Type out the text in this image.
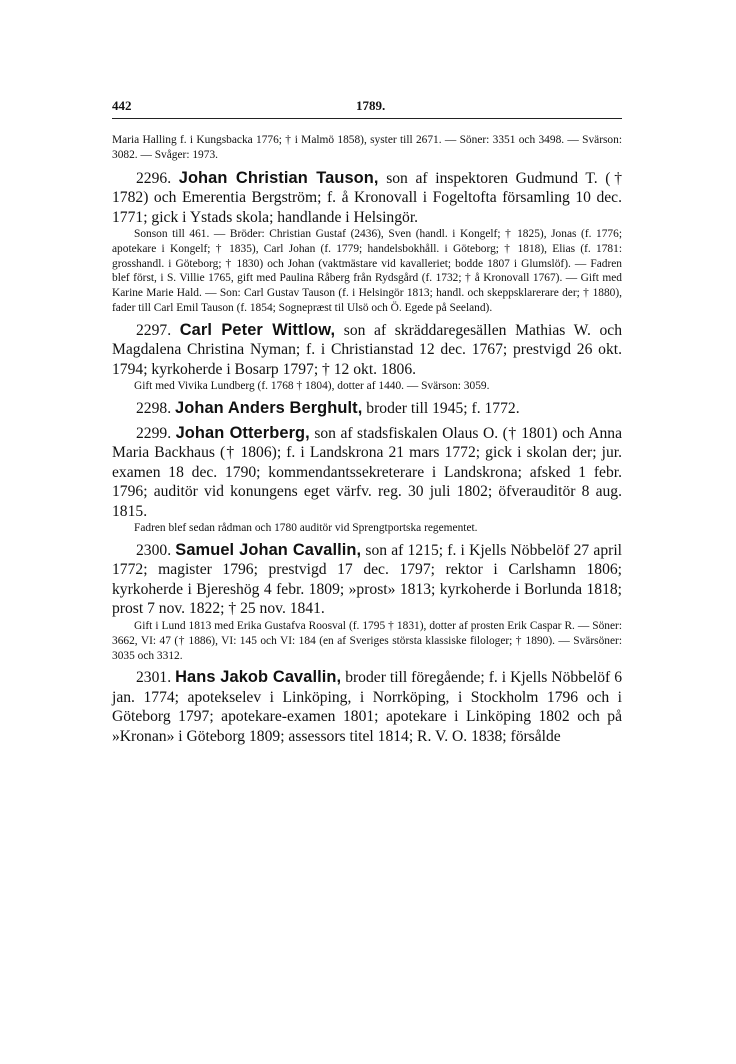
442	1789.

Maria Halling f. i Kungsbacka 1776; † i Malmö 1858), syster till 2671. — Söner: 3351 och 3498. — Svärson: 3082. — Svåger: 1973.

2296. Johan Christian Tauson, son af inspektoren Gudmund T. († 1782) och Emerentia Bergström; f. å Kronovall i Fogeltofta församling 10 dec. 1771; gick i Ystads skola; handlande i Helsingör.

Sonson till 461. — Bröder: Christian Gustaf (2436), Sven (handl. i Kongelf; † 1825), Jonas (f. 1776; apotekare i Kongelf; † 1835), Carl Johan (f. 1779; handelsbokhåll. i Göteborg; † 1818), Elias (f. 1781: grosshandl. i Göteborg; † 1830) och Johan (vaktmästare vid kavalleriet; bodde 1807 i Glumslöf). — Fadren blef först, i S. Villie 1765, gift med Paulina Råberg från Rydsgård (f. 1732; † å Kronovall 1767). — Gift med Karine Marie Hald. — Son: Carl Gustav Tauson (f. i Helsingör 1813; handl. och skeppsklarerare der; † 1880), fader till Carl Emil Tauson (f. 1854; Sognepræst til Ulsö och Ö. Egede på Seeland).

2297. Carl Peter Wittlow, son af skräddaregesällen Mathias W. och Magdalena Christina Nyman; f. i Christianstad 12 dec. 1767; prestvigd 26 okt. 1794; kyrkoherde i Bosarp 1797; † 12 okt. 1806.

Gift med Vivika Lundberg (f. 1768 † 1804), dotter af 1440. — Svärson: 3059.

2298. Johan Anders Berghult, broder till 1945; f. 1772.

2299. Johan Otterberg, son af stadsfiskalen Olaus O. († 1801) och Anna Maria Backhaus († 1806); f. i Landskrona 21 mars 1772; gick i skolan der; jur. examen 18 dec. 1790; kommendantssekreterare i Landskrona; afsked 1 febr. 1796; auditör vid konungens eget värfv. reg. 30 juli 1802; öfverauditör 8 aug. 1815.

Fadren blef sedan rådman och 1780 auditör vid Sprengtportska regementet.

2300. Samuel Johan Cavallin, son af 1215; f. i Kjells Nöbbelöf 27 april 1772; magister 1796; prestvigd 17 dec. 1797; rektor i Carlshamn 1806; kyrkoherde i Bjereshög 4 febr. 1809; »prost» 1813; kyrkoherde i Borlunda 1818; prost 7 nov. 1822; † 25 nov. 1841.

Gift i Lund 1813 med Erika Gustafva Roosval (f. 1795 † 1831), dotter af prosten Erik Caspar R. — Söner: 3662, VI: 47 († 1886), VI: 145 och VI: 184 (en af Sveriges största klassiske filologer; † 1890). — Svärsöner: 3035 och 3312.

2301. Hans Jakob Cavallin, broder till föregående; f. i Kjells Nöbbelöf 6 jan. 1774; apotekselev i Linköping, i Norrköping, i Stockholm 1796 och i Göteborg 1797; apotekare-examen 1801; apotekare i Linköping 1802 och på »Kronan» i Göteborg 1809; assessors titel 1814; R. V. O. 1838; försålde
